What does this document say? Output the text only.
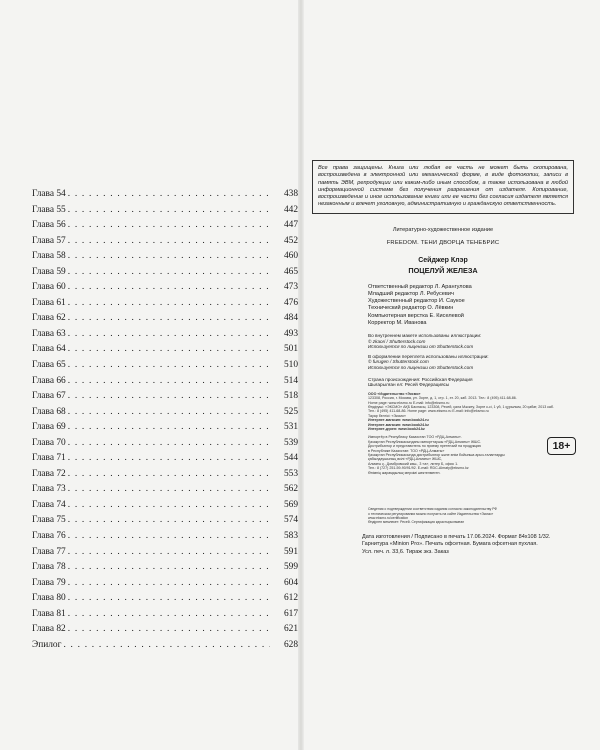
Глава 54 . . .	438
Глава 55 . . .	442
Глава 56 . . .	447
Глава 57 . . .	452
Глава 58 . . .	460
Глава 59 . . .	465
Глава 60 . . .	473
Глава 61 . . .	476
Глава 62 . . .	484
Глава 63 . . .	493
Глава 64 . . .	501
Глава 65 . . .	510
Глава 66 . . .	514
Глава 67 . . .	518
Глава 68 . . .	525
Глава 69 . . .	531
Глава 70 . . .	539
Глава 71 . . .	544
Глава 72 . . .	553
Глава 73 . . .	562
Глава 74 . . .	569
Глава 75 . . .	574
Глава 76 . . .	583
Глава 77 . . .	591
Глава 78 . . .	599
Глава 79 . . .	604
Глава 80 . . .	612
Глава 81 . . .	617
Глава 82 . . .	621
Эпилог . . .	628
Все права защищены. Книга или любая ее часть не может быть скопирована, воспроизведена в электронной или механической форме, в виде фотокопии, записи в память ЭВМ, репродукции или каким-либо иным способом, а также использована в любой информационной системе без получения разрешения от издателя. Копирование, воспроизведение и иное использование книги или ее части без согласия издателя является незаконным и влечет уголовную, административную и гражданскую ответственность.
Литературно-художественное издание
FREEDOM. ТЕНИ ДВОРЦА ТЕНЕБРИС
Сейджер Клэр
ПОЦЕЛУЙ ЖЕЛЕЗА
Ответственный редактор Л. Арангулова
Младший редактор Л. Ребусевич
Художественный редактор И. Саукое
Технический редактор О. Лёвкин
Компьютерная верстка Е. Киселевой
Корректор М. Иванова
Во внутреннем макете использованы иллюстрации:
© zkaori / Shutterstock.com
Используется по лицензии от Shutterstock.com
В оформлении переплета использованы иллюстрации:
© furugen / Shutterstock.com
Используется по лицензии от Shutterstock.com
Страна происхождения: Российская Федерация
Шығарылған ел: Ресей Федерациясы
ООО «Издательство «Эксмо»
123308, Россия, г. Москва, ул. Зорге, д. 1, стр. 1, эт. 20, каб. 2013. Тел.: 8 (495) 411-68-86.
Home page: www.eksmo.ru E-mail: info@eksmo.ru
Өндіруші: «ЭКСМО» АҚБ Баспасы, 123308, Ресей, қала Мәскеу, Зорге к-сі, 1 үй, 1 құрылым, 20 қабат, 2013 каб.
Тел.: 8 (495) 411-68-86. Home page: www.eksmo.ru E-mail: info@eksmo.ru
Тауар белгісі: «Эксмо»
Интернет-магазин: www.book24.ru
Интернет-магазин: www.book24.kz
Интернет-дүкен: www.book24.kz
Импортёр в Республику Казахстан ТОО «РДЦ-Алматы».
Қазақстан Республикасындағы импорттаушы «РДЦ-Алматы» ЖШС.
Дистрибьютор и представитель по приему претензий на продукцию
в Республике Казахстан: ТОО «РДЦ-Алматы»
Қазақстан Республикасында дистрибьютор және өнім бойынша арыз-талаптарды
қабылдаушының өкілі «РДЦ-Алматы» ЖШС,
Алматы қ., Домбровский көш., 3 «а», литер Б, офис 1.
Тел.: 8 (727) 251-59-90/91/92. E-mail: RDC-Almaty@eksmo.kz
Өнімнің жарамдылық мерзімі шектелмеген.
18+
Сведения о подтверждении соответствия издания согласно законодательству РФ
о техническом регулировании можно получить на сайте Издательства «Эксмо»
www.eksmo.ru/certification
Өндірген мемлекет: Ресей. Сертификация қарастырылмаған
Дата изготовления / Подписано в печать 17.06.2024. Формат 84x108 1/32.
Гарнитура «Minion Pro». Печать офсетная. Бумага офсетная пухлая.
Усл. печ. л. 33,6. Тираж экз. Заказ
